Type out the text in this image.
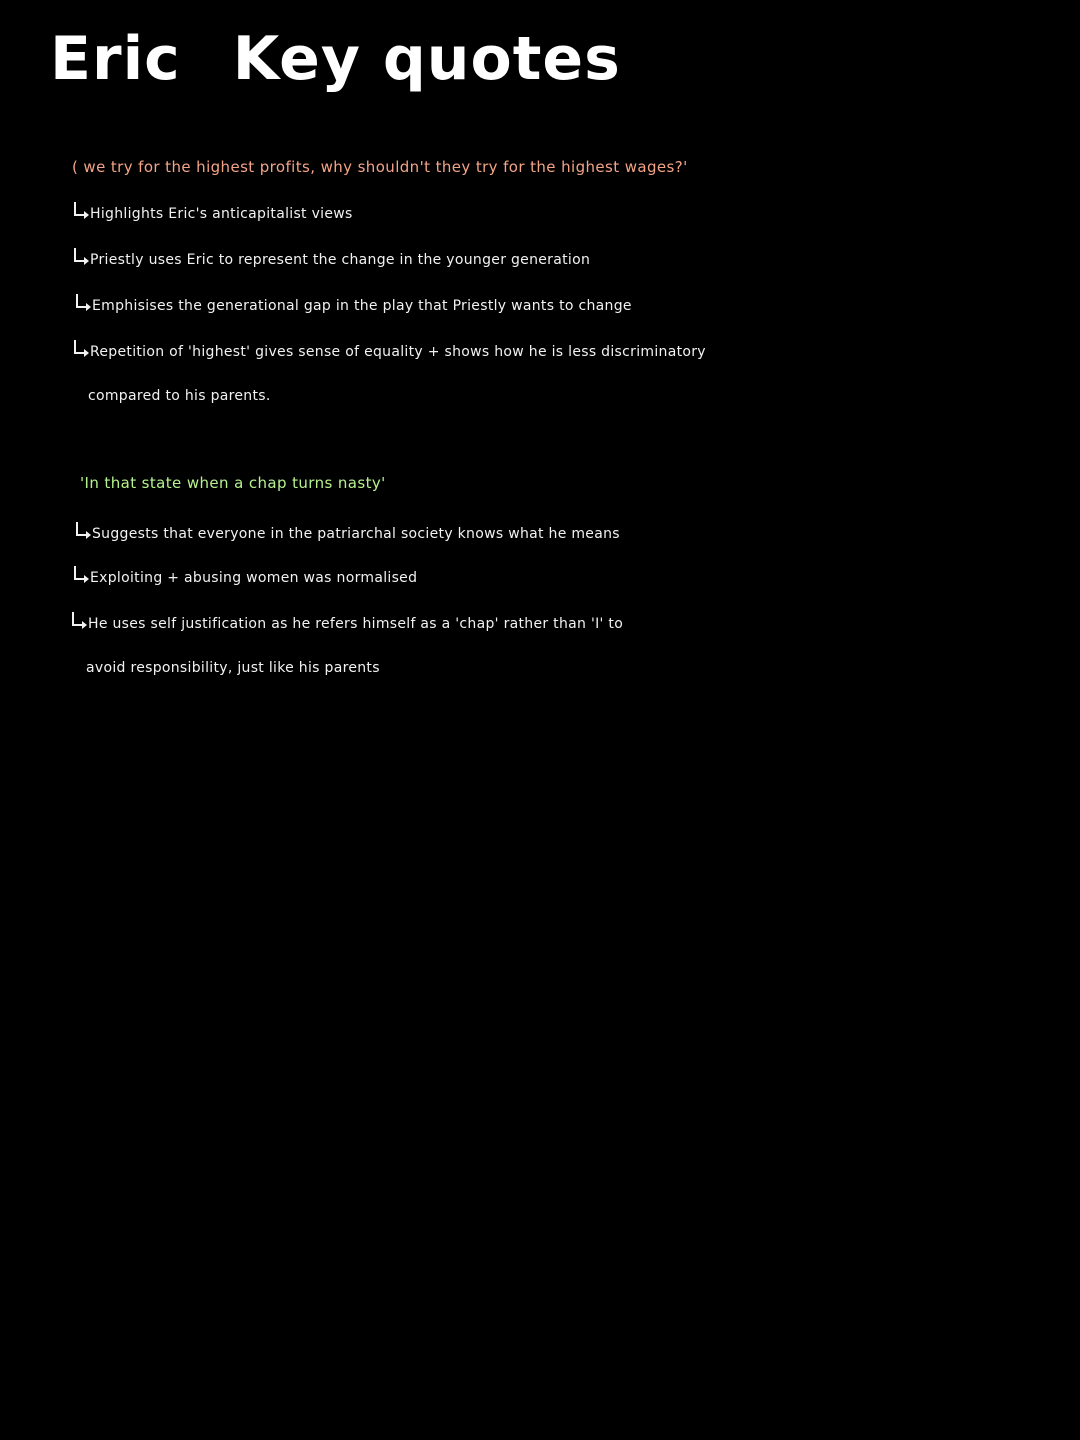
Eric Key quotes
( we try for the highest profits, why shouldn't they try for the highest wages?'
Highlights Eric's anticapitalist views
Priestly uses Eric to represent the change in the younger generation
Emphisises the generational gap in the play that Priestly wants to change
Repetition of 'highest' gives sense of equality + shows how he is less discriminatory
compared to his parents.
'In that state when a chap turns nasty'
Suggests that everyone in the patriarchal society knows what he means
Exploiting + abusing women was normalised
He uses self justification as he refers himself as a 'chap' rather than 'I' to
avoid responsibility, just like his parents
